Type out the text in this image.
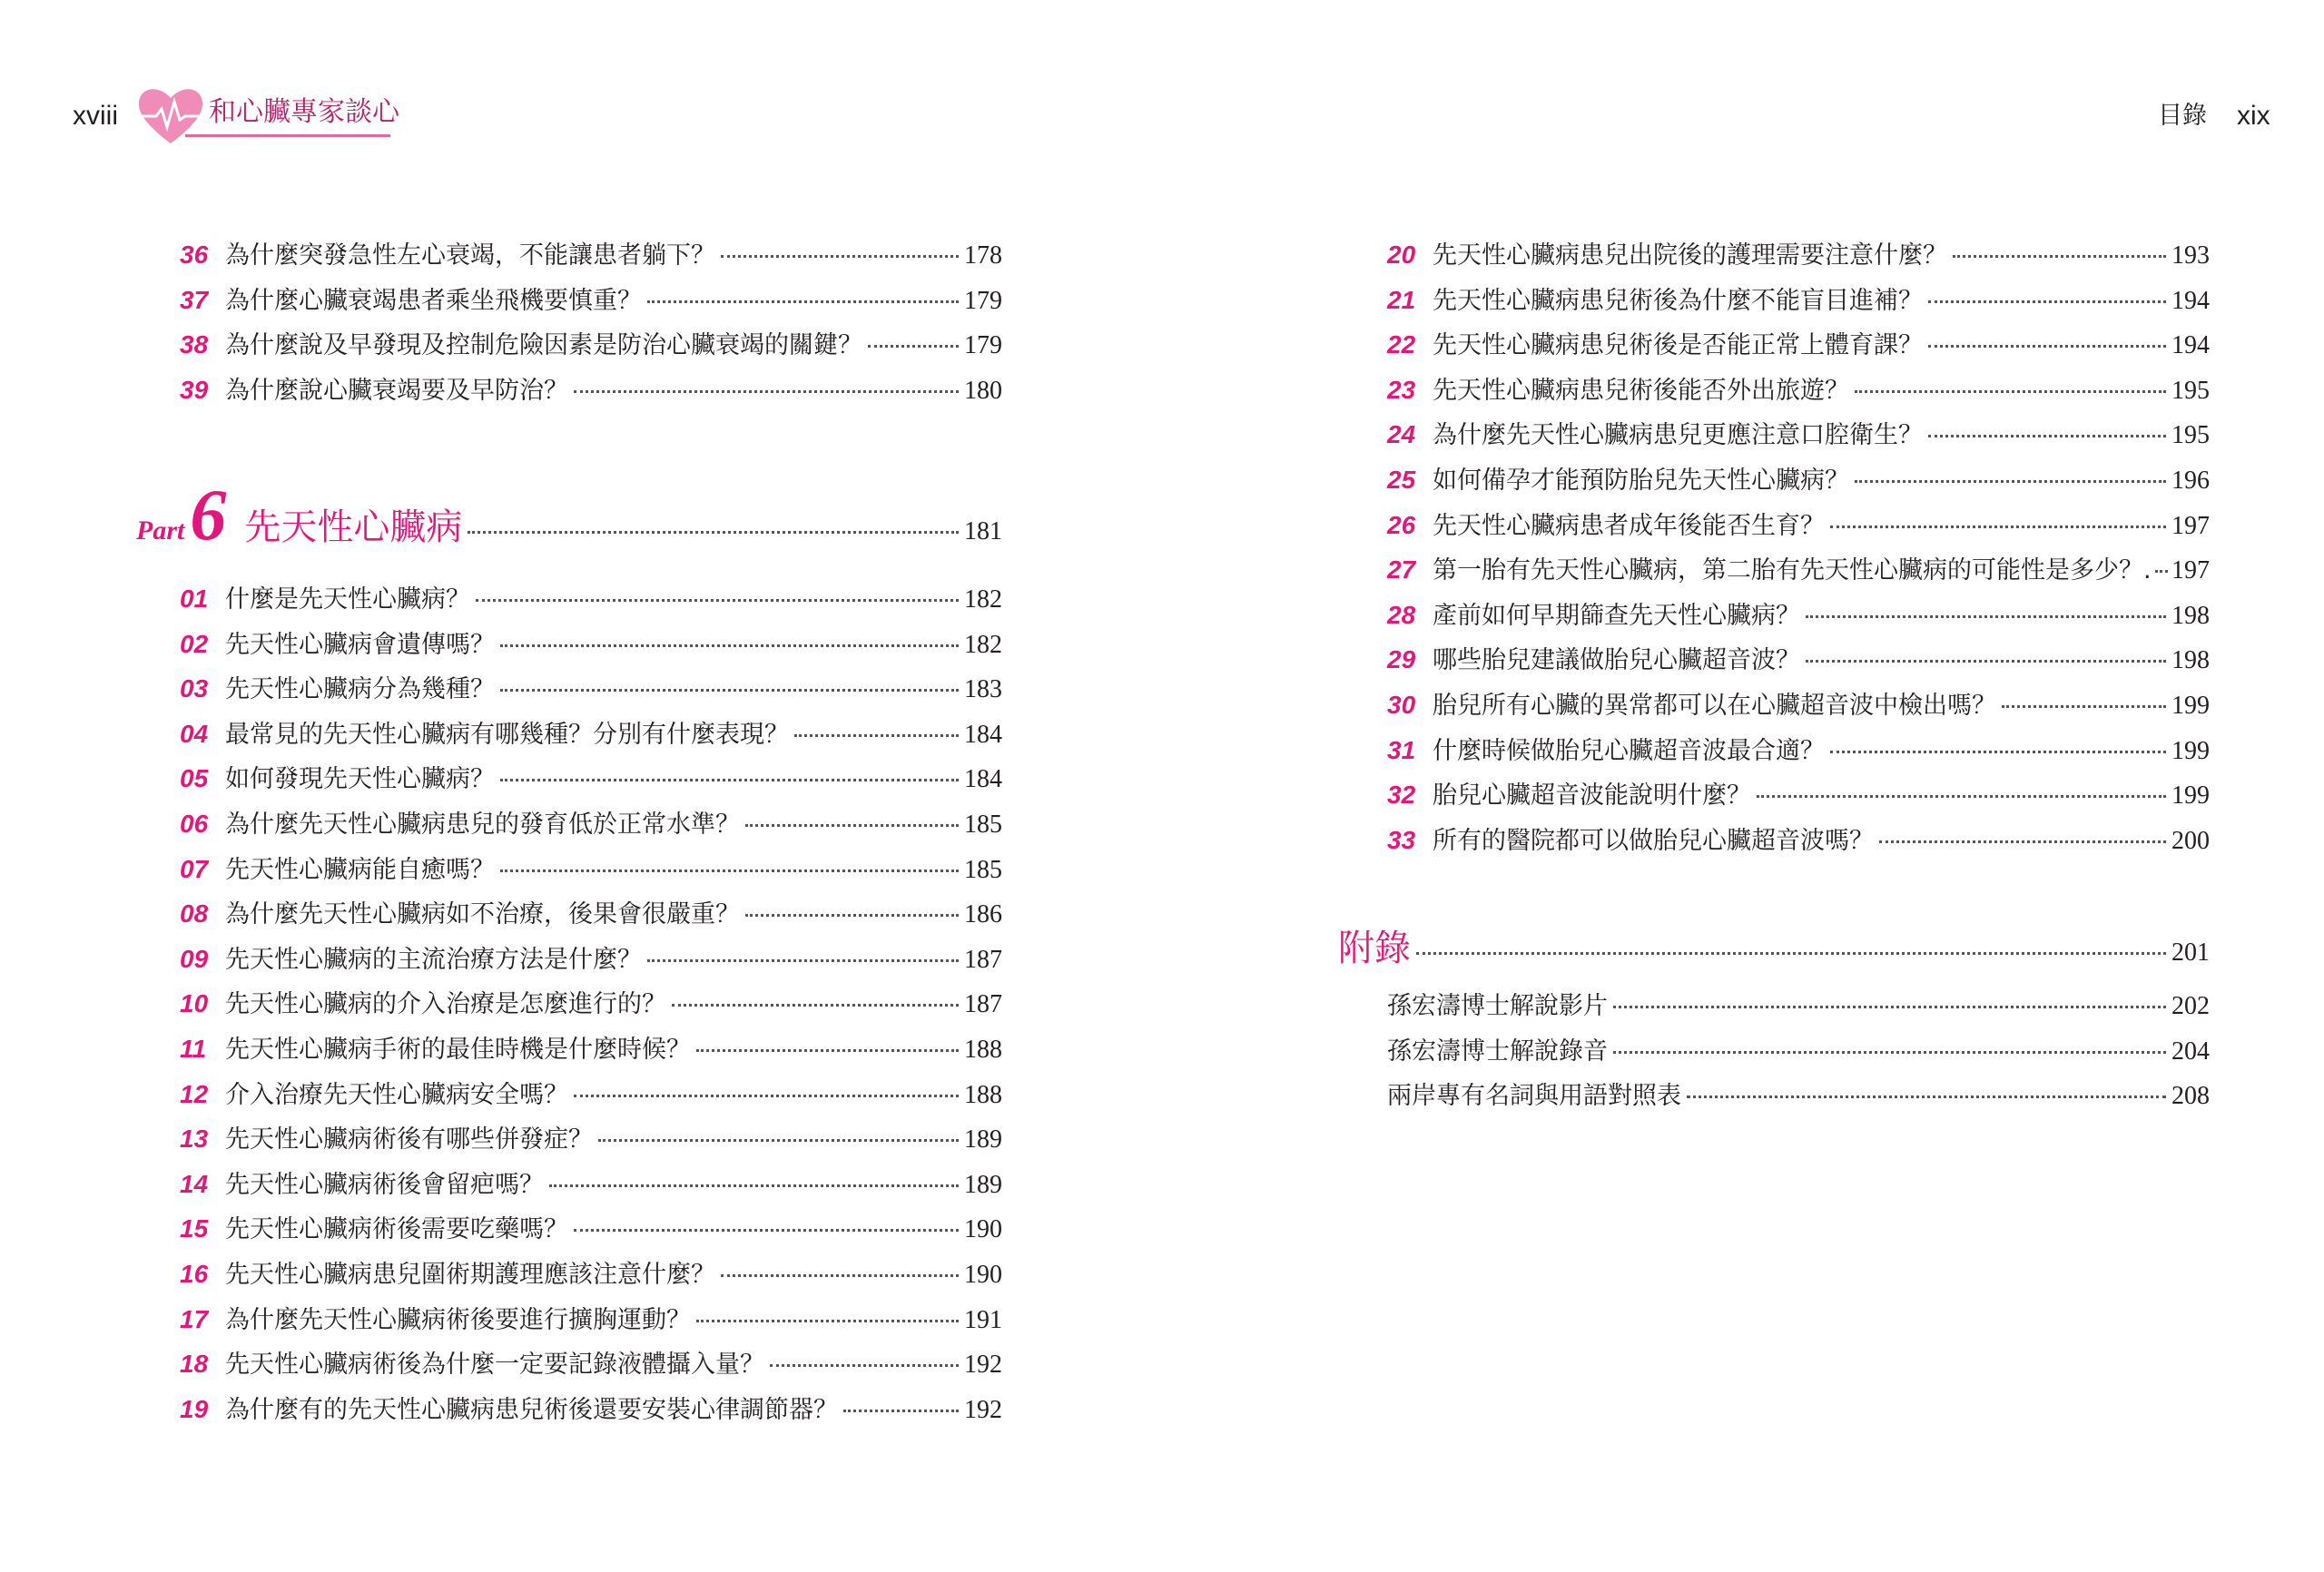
xviii	和心臟專家談心	目錄 xix
36 為什麼突發急性左心衰竭，不能讓患者躺下？	178
37 為什麼心臟衰竭患者乘坐飛機要慎重？	179
38 為什麼說及早發現及控制危險因素是防治心臟衰竭的關鍵？	179
39 為什麼說心臟衰竭要及早防治？	180
Part 6 先天性心臟病	181
01 什麼是先天性心臟病？	182
02 先天性心臟病會遺傳嗎？	182
03 先天性心臟病分為幾種？	183
04 最常見的先天性心臟病有哪幾種？分別有什麼表現？	184
05 如何發現先天性心臟病？	184
06 為什麼先天性心臟病患兒的發育低於正常水準？	185
07 先天性心臟病能自癒嗎？	185
08 為什麼先天性心臟病如不治療，後果會很嚴重？	186
09 先天性心臟病的主流治療方法是什麼？	187
10 先天性心臟病的介入治療是怎麼進行的？	187
11 先天性心臟病手術的最佳時機是什麼時候？	188
12 介入治療先天性心臟病安全嗎？	188
13 先天性心臟病術後有哪些併發症？	189
14 先天性心臟病術後會留疤嗎？	189
15 先天性心臟病術後需要吃藥嗎？	190
16 先天性心臟病患兒圍術期護理應該注意什麼？	190
17 為什麼先天性心臟病術後要進行擴胸運動？	191
18 先天性心臟病術後為什麼一定要記錄液體攝入量？	192
19 為什麼有的先天性心臟病患兒術後還要安裝心律調節器？	192
20 先天性心臟病患兒出院後的護理需要注意什麼？	193
21 先天性心臟病患兒術後為什麼不能盲目進補？	194
22 先天性心臟病患兒術後是否能正常上體育課？	194
23 先天性心臟病患兒術後能否外出旅遊？	195
24 為什麼先天性心臟病患兒更應注意口腔衛生？	195
25 如何備孕才能預防胎兒先天性心臟病？	196
26 先天性心臟病患者成年後能否生育？	197
27 第一胎有先天性心臟病，第二胎有先天性心臟病的可能性是多少？. 197
28 產前如何早期篩查先天性心臟病？	198
29 哪些胎兒建議做胎兒心臟超音波？	198
30 胎兒所有心臟的異常都可以在心臟超音波中檢出嗎？	199
31 什麼時候做胎兒心臟超音波最合適？	199
32 胎兒心臟超音波能說明什麼？	199
33 所有的醫院都可以做胎兒心臟超音波嗎？	200
附錄	201
孫宏濤博士解說影片	202
孫宏濤博士解說錄音	204
兩岸專有名詞與用語對照表	208
